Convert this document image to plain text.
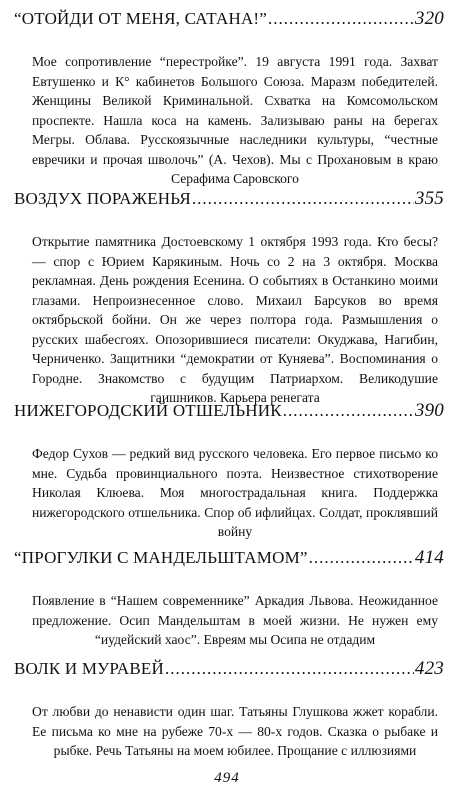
“ОТОЙДИ ОТ МЕНЯ, САТАНА!” .....	320

Мое сопротивление “перестройке”. 19 августа 1991 года. Захват Евтушенко и К° кабинетов Большого Союза. Маразм победителей. Женщины Великой Криминальной. Схватка на Комсомольском проспекте. Нашла коса на камень. Зализываю раны на берегах Мегры. Облава. Русскоязычные наследники культуры, “честные евречики и прочая шволочь” (А. Чехов). Мы с Прохановым в краю Серафима Саровского

ВОЗДУХ ПОРАЖЕНЬЯ .....	355

Открытие памятника Достоевскому 1 октября 1993 года. Кто бесы? — спор с Юрием Карякиным. Ночь со 2 на 3 октября. Москва рекламная. День рождения Есенина. О событиях в Останкино моими глазами. Непроизнесенное слово. Михаил Барсуков во время октябрьской бойни. Он же через полтора года. Размышления о русских шабесгоях. Опозорившиеся писатели: Окуджава, Нагибин, Черниченко. Защитники “демократии от Куняева”. Воспоминания о Городне. Знакомство с будущим Патриархом. Великодушие гаишников. Карьера ренегата

НИЖЕГОРОДСКИЙ ОТШЕЛЬНИК .....	390

Федор Сухов — редкий вид русского человека. Его первое письмо ко мне. Судьба провинциального поэта. Неизвестное стихотворение Николая Клюева. Моя многострадальная книга. Поддержка нижегородского отшельника. Спор об ифлийцах. Солдат, проклявший войну

“ПРОГУЛКИ С МАНДЕЛЬШТАМОМ” .....	414

Появление в “Нашем современнике” Аркадия Львова. Неожиданное предложение. Осип Мандельштам в моей жизни. Не нужен ему “иудейский хаос”. Евреям мы Осипа не отдадим

ВОЛК И МУРАВЕЙ .....	423

От любви до ненависти один шаг. Татьяны Глушкова жжет корабли. Ее письма ко мне на рубеже 70-х — 80-х годов. Сказка о рыбаке и рыбке. Речь Татьяны на моем юбилее. Прощание с иллюзиями

494
